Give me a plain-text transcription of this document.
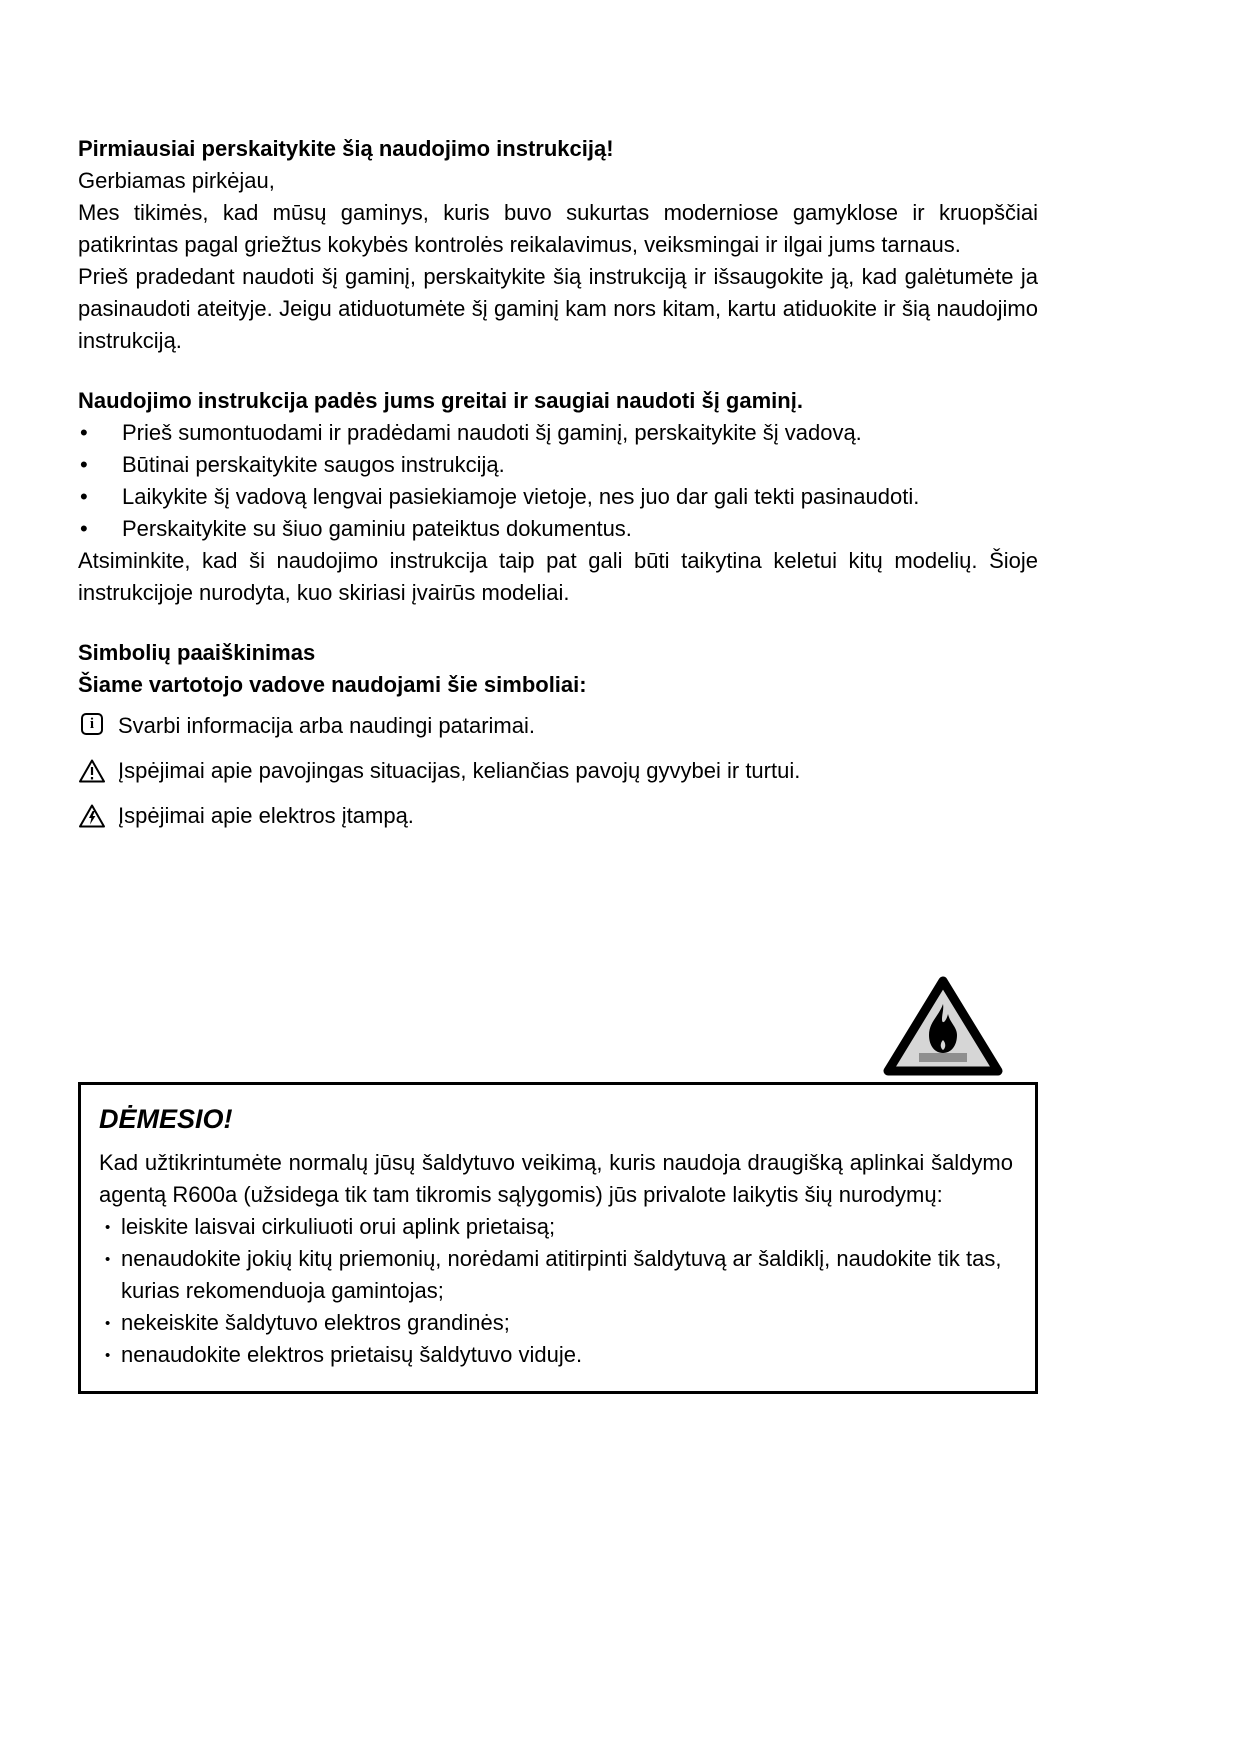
Pirmiausiai perskaitykite šią naudojimo instrukciją!

Gerbiamas pirkėjau,

Mes tikimės, kad mūsų gaminys, kuris buvo sukurtas moderniose gamyklose ir kruopščiai patikrintas pagal griežtus kokybės kontrolės reikalavimus, veiksmingai ir ilgai jums tarnaus.

Prieš pradedant naudoti šį gaminį, perskaitykite šią instrukciją ir išsaugokite ją, kad galėtumėte ja pasinaudoti ateityje. Jeigu atiduotumėte šį gaminį kam nors kitam, kartu atiduokite ir šią naudojimo instrukciją.

Naudojimo instrukcija padės jums greitai ir saugiai naudoti šį gaminį.
• Prieš sumontuodami ir pradėdami naudoti šį gaminį, perskaitykite šį vadovą.
• Būtinai perskaitykite saugos instrukciją.
• Laikykite šį vadovą lengvai pasiekiamoje vietoje, nes juo dar gali tekti pasinaudoti.
• Perskaitykite su šiuo gaminiu pateiktus dokumentus.

Atsiminkite, kad ši naudojimo instrukcija taip pat gali būti taikytina keletui kitų modelių. Šioje instrukcijoje nurodyta, kuo skiriasi įvairūs modeliai.

Simbolių paaiškinimas
Šiame vartotojo vadove naudojami šie simboliai:
i
Svarbi informacija arba naudingi patarimai.
Įspėjimai apie pavojingas situacijas, keliančias pavojų gyvybei ir turtui.
Įspėjimai apie elektros įtampą.
DĖMESIO!

Kad užtikrintumėte normalų jūsų šaldytuvo veikimą, kuris naudoja draugišką aplinkai šaldymo agentą R600a (užsidega tik tam tikromis sąlygomis) jūs privalote laikytis šių nurodymų:

• leiskite laisvai cirkuliuoti orui aplink prietaisą;
• nenaudokite jokių kitų priemonių, norėdami atitirpinti šaldytuvą ar šaldiklį, naudokite tik tas, kurias rekomenduoja gamintojas;
• nekeiskite šaldytuvo elektros grandinės;
• nenaudokite elektros prietaisų šaldytuvo viduje.
